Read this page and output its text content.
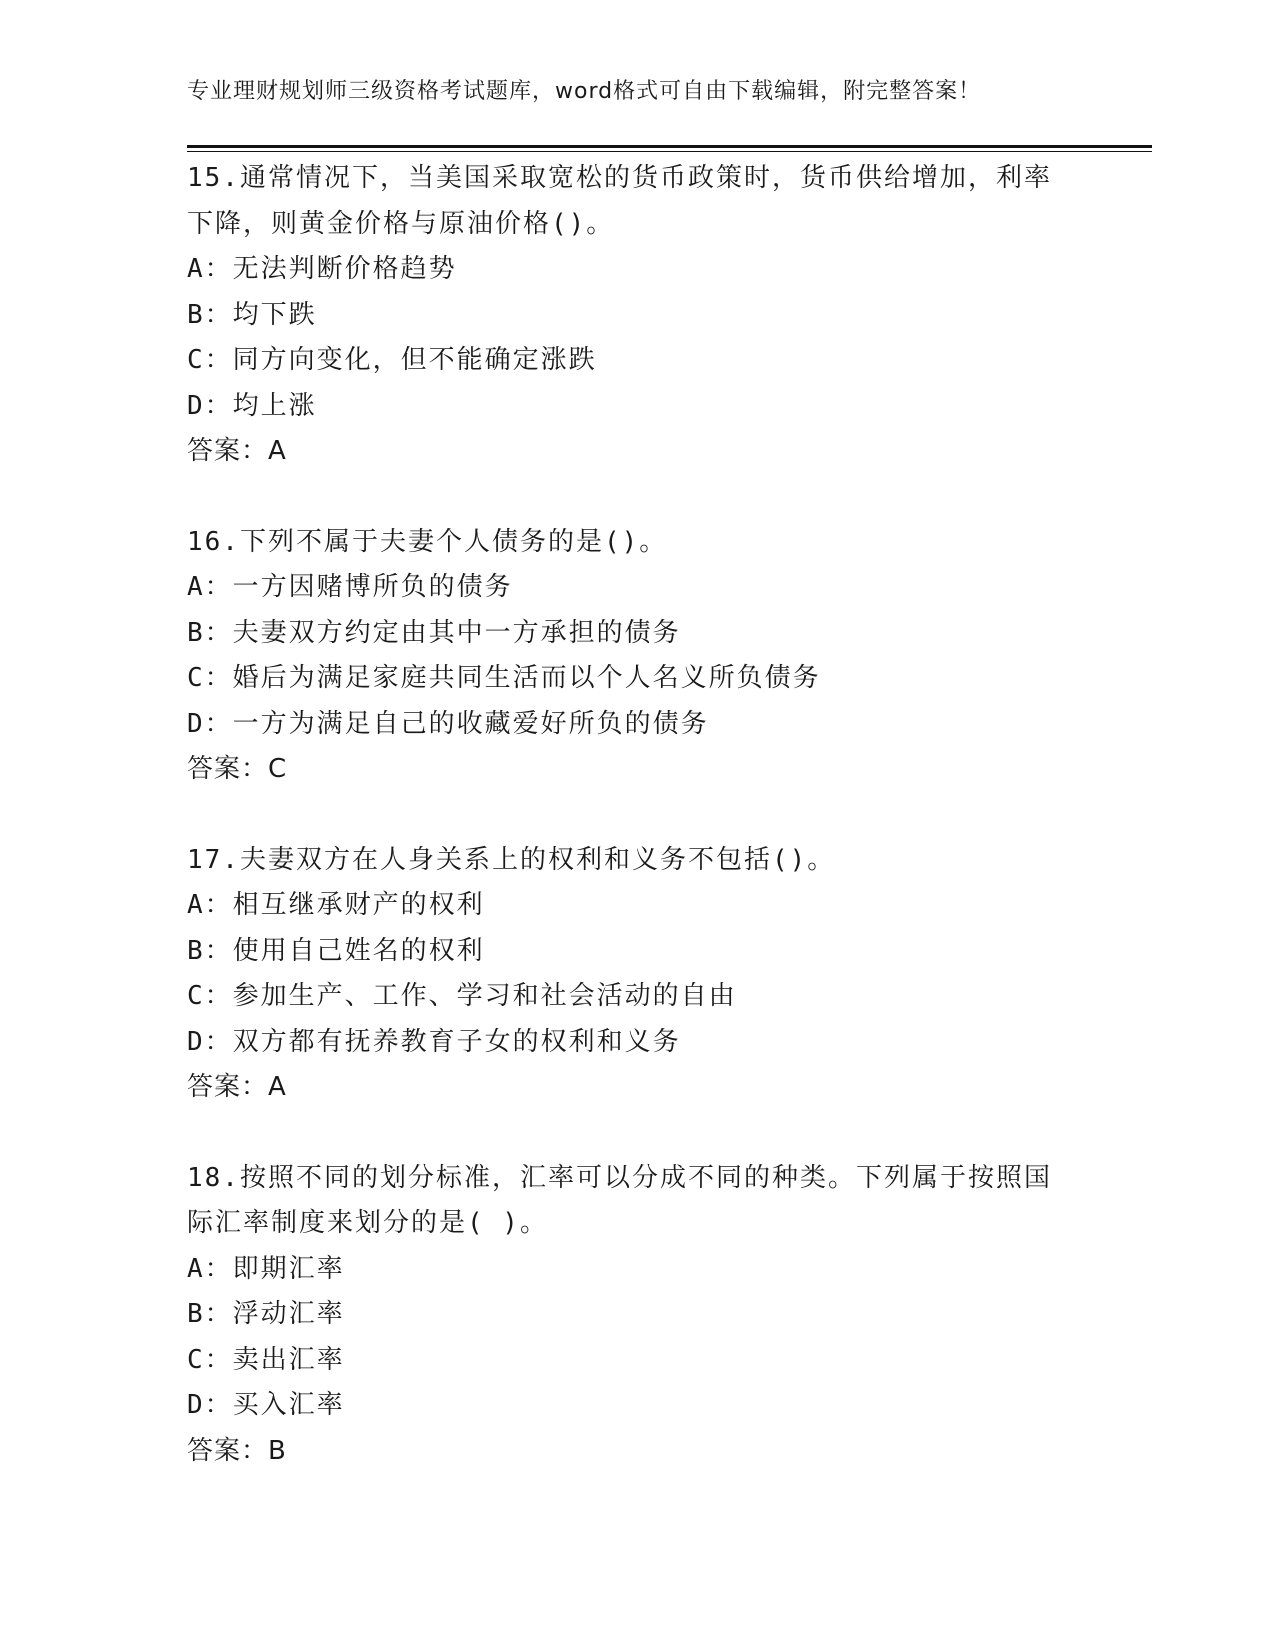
专业理财规划师三级资格考试题库，word格式可自由下载编辑，附完整答案！
15.通常情况下，当美国采取宽松的货币政策时，货币供给增加，利率
下降，则黄金价格与原油价格()。
A：无法判断价格趋势
B：均下跌
C：同方向变化，但不能确定涨跌
D：均上涨
答案：A
16.下列不属于夫妻个人债务的是()。
A：一方因赌博所负的债务
B：夫妻双方约定由其中一方承担的债务
C：婚后为满足家庭共同生活而以个人名义所负债务
D：一方为满足自己的收藏爱好所负的债务
答案：C
17.夫妻双方在人身关系上的权利和义务不包括()。
A：相互继承财产的权利
B：使用自己姓名的权利
C：参加生产、工作、学习和社会活动的自由
D：双方都有抚养教育子女的权利和义务
答案：A
18.按照不同的划分标准，汇率可以分成不同的种类。下列属于按照国
际汇率制度来划分的是( )。
A：即期汇率
B：浮动汇率
C：卖出汇率
D：买入汇率
答案：B
